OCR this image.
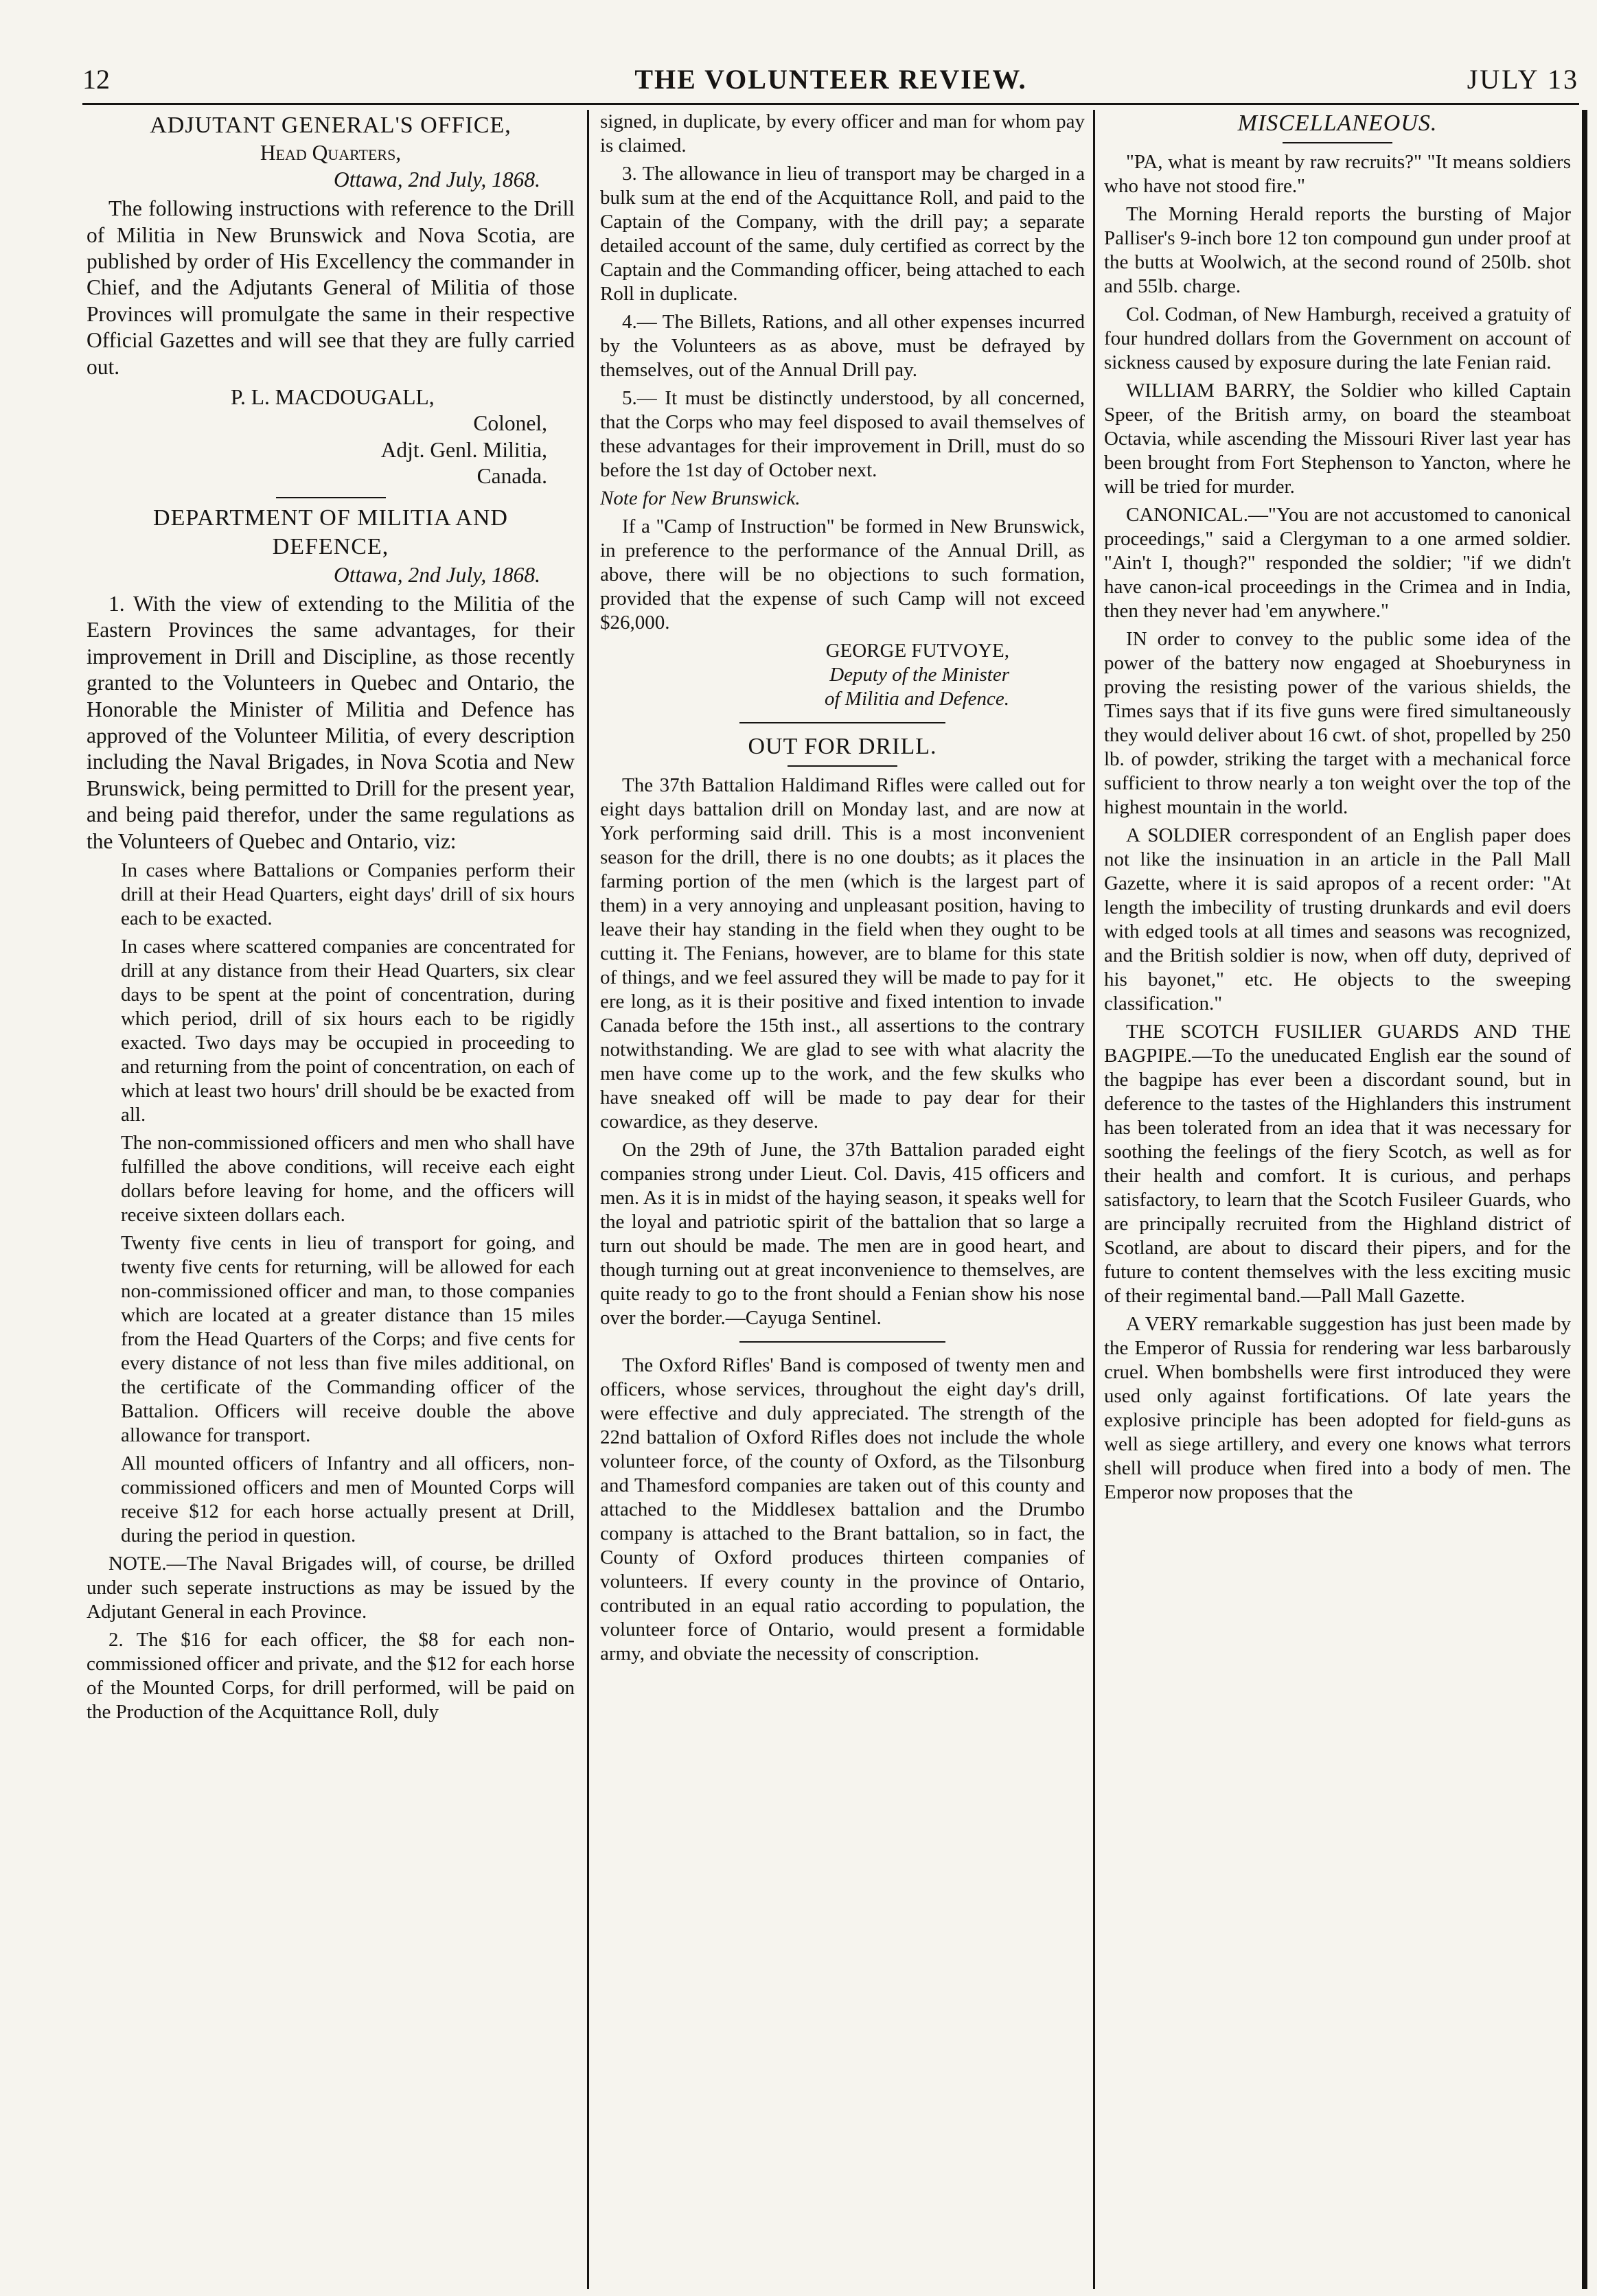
12	THE VOLUNTEER REVIEW.	JULY 13
ADJUTANT GENERAL'S OFFICE,
Head Quarters,
Ottawa, 2nd July, 1868.

The following instructions with reference to the Drill of Militia in New Brunswick and Nova Scotia, are published by order of His Excellency the commander in Chief, and the Adjutants General of Militia of those Provinces will promulgate the same in their respective Official Gazettes and will see that they are fully carried out.

P. L. MACDOUGALL,
Colonel,
Adjt. Genl. Militia,
Canada.
DEPARTMENT OF MILITIA AND
DEFENCE,
Ottawa, 2nd July, 1868.

1. With the view of extending to the Militia of the Eastern Provinces the same advantages, for their improvement in Drill and Discipline, as those recently granted to the Volunteers in Quebec and Ontario, the Honorable the Minister of Militia and Defence has approved of the Volunteer Militia, of every description including the Naval Brigades, in Nova Scotia and New Brunswick, being permitted to Drill for the present year, and being paid therefor, under the same regulations as the Volunteers of Quebec and Ontario, viz:

In cases where Battalions or Companies perform their drill at their Head Quarters, eight days' drill of six hours each to be exacted.

In cases where scattered companies are concentrated for drill at any distance from their Head Quarters, six clear days to be spent at the point of concentration, during which period, drill of six hours each to be rigidly exacted. Two days may be occupied in proceeding to and returning from the point of concentration, on each of which at least two hours' drill should be be exacted from all.

The non-commissioned officers and men who shall have fulfilled the above conditions, will receive each eight dollars before leaving for home, and the officers will receive sixteen dollars each.

Twenty five cents in lieu of transport for going, and twenty five cents for returning, will be allowed for each non-commissioned officer and man, to those companies which are located at a greater distance than 15 miles from the Head Quarters of the Corps; and five cents for every distance of not less than five miles additional, on the certificate of the Commanding officer of the Battalion. Officers will receive double the above allowance for transport.

All mounted officers of Infantry and all officers, non-commissioned officers and men of Mounted Corps will receive $12 for each horse actually present at Drill, during the period in question.

NOTE.—The Naval Brigades will, of course, be drilled under such seperate instructions as may be issued by the Adjutant General in each Province.

2. The $16 for each officer, the $8 for each non-commissioned officer and private, and the $12 for each horse of the Mounted Corps, for drill performed, will be paid on the Production of the Acquittance Roll, duly

signed, in duplicate, by every officer and man for whom pay is claimed.

3. The allowance in lieu of transport may be charged in a bulk sum at the end of the Acquittance Roll, and paid to the Captain of the Company, with the drill pay; a separate detailed account of the same, duly certified as correct by the Captain and the Commanding officer, being attached to each Roll in duplicate.

4.— The Billets, Rations, and all other expenses incurred by the Volunteers as as above, must be defrayed by themselves, out of the Annual Drill pay.

5.— It must be distinctly understood, by all concerned, that the Corps who may feel disposed to avail themselves of these advantages for their improvement in Drill, must do so before the 1st day of October next.

Note for New Brunswick.

If a "Camp of Instruction" be formed in New Brunswick, in preference to the performance of the Annual Drill, as above, there will be no objections to such formation, provided that the expense of such Camp will not exceed $26,000.

GEORGE FUTVOYE,
Deputy of the Minister
of Militia and Defence.
OUT FOR DRILL.

The 37th Battalion Haldimand Rifles were called out for eight days battalion drill on Monday last, and are now at York performing said drill. This is a most inconvenient season for the drill, there is no one doubts; as it places the farming portion of the men (which is the largest part of them) in a very annoying and unpleasant position, having to leave their hay standing in the field when they ought to be cutting it. The Fenians, however, are to blame for this state of things, and we feel assured they will be made to pay for it ere long, as it is their positive and fixed intention to invade Canada before the 15th inst., all assertions to the contrary notwithstanding. We are glad to see with what alacrity the men have come up to the work, and the few skulks who have sneaked off will be made to pay dear for their cowardice, as they deserve.

On the 29th of June, the 37th Battalion paraded eight companies strong under Lieut. Col. Davis, 415 officers and men. As it is in midst of the haying season, it speaks well for the loyal and patriotic spirit of the battalion that so large a turn out should be made. The men are in good heart, and though turning out at great inconvenience to themselves, are quite ready to go to the front should a Fenian show his nose over the border.—Cayuga Sentinel.

The Oxford Rifles' Band is composed of twenty men and officers, whose services, throughout the eight day's drill, were effective and duly appreciated. The strength of the 22nd battalion of Oxford Rifles does not include the whole volunteer force, of the county of Oxford, as the Tilsonburg and Thamesford companies are taken out of this county and attached to the Middlesex battalion and the Drumbo company is attached to the Brant battalion, so in fact, the County of Oxford produces thirteen companies of volunteers. If every county in the province of Ontario, contributed in an equal ratio according to population, the volunteer force of Ontario, would present a formidable army, and obviate the necessity of conscription.

MISCELLANEOUS.

"PA, what is meant by raw recruits?" "It means soldiers who have not stood fire."

The Morning Herald reports the bursting of Major Palliser's 9-inch bore 12 ton compound gun under proof at the butts at Woolwich, at the second round of 250lb. shot and 55lb. charge.

Col. Codman, of New Hamburgh, received a gratuity of four hundred dollars from the Government on account of sickness caused by exposure during the late Fenian raid.

WILLIAM BARRY, the Soldier who killed Captain Speer, of the British army, on board the steamboat Octavia, while ascending the Missouri River last year has been brought from Fort Stephenson to Yancton, where he will be tried for murder.

CANONICAL.—"You are not accustomed to canonical proceedings," said a Clergyman to a one armed soldier. "Ain't I, though?" responded the soldier; "if we didn't have canon-ical proceedings in the Crimea and in India, then they never had 'em anywhere."

IN order to convey to the public some idea of the power of the battery now engaged at Shoeburyness in proving the resisting power of the various shields, the Times says that if its five guns were fired simultaneously they would deliver about 16 cwt. of shot, propelled by 250 lb. of powder, striking the target with a mechanical force sufficient to throw nearly a ton weight over the top of the highest mountain in the world.

A SOLDIER correspondent of an English paper does not like the insinuation in an article in the Pall Mall Gazette, where it is said apropos of a recent order: "At length the imbecility of trusting drunkards and evil doers with edged tools at all times and seasons was recognized, and the British soldier is now, when off duty, deprived of his bayonet," etc. He objects to the sweeping classification."

THE SCOTCH FUSILIER GUARDS AND THE BAGPIPE.—To the uneducated English ear the sound of the bagpipe has ever been a discordant sound, but in deference to the tastes of the Highlanders this instrument has been tolerated from an idea that it was necessary for soothing the feelings of the fiery Scotch, as well as for their health and comfort. It is curious, and perhaps satisfactory, to learn that the Scotch Fusileer Guards, who are principally recruited from the Highland district of Scotland, are about to discard their pipers, and for the future to content themselves with the less exciting music of their regimental band.—Pall Mall Gazette.

A VERY remarkable suggestion has just been made by the Emperor of Russia for rendering war less barbarously cruel. When bombshells were first introduced they were used only against fortifications. Of late years the explosive principle has been adopted for field-guns as well as siege artillery, and every one knows what terrors shell will produce when fired into a body of men. The Emperor now proposes that the
